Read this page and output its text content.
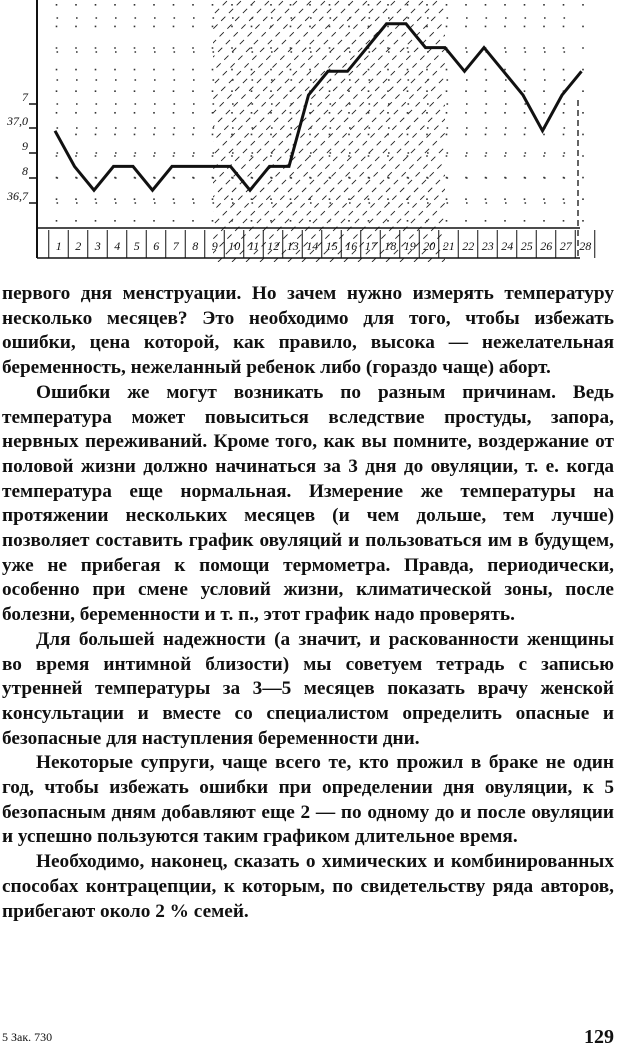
7
37,0
9
8
36,7
1 2 3 4 5 6 7 8 9 10 11 12 13 14 15 16 17 18 19 20 21 22 23 24 25 26 27 28

первого дня менструации. Но зачем нужно измерять температуру несколько месяцев? Это необходимо для того, чтобы избежать ошибки, цена которой, как правило, высока — нежелательная беременность, нежеланный ребенок либо (гораздо чаще) аборт.

Ошибки же могут возникать по разным причинам. Ведь температура может повыситься вследствие простуды, запора, нервных переживаний. Кроме того, как вы помните, воздержание от половой жизни должно начинаться за 3 дня до овуляции, т. е. когда температура еще нормальная. Измерение же температуры на протяжении нескольких месяцев (и чем дольше, тем лучше) позволяет составить график овуляций и пользоваться им в будущем, уже не прибегая к помощи термометра. Правда, периодически, особенно при смене условий жизни, климатической зоны, после болезни, беременности и т. п., этот график надо проверять.

Для большей надежности (а значит, и раскованности женщины во время интимной близости) мы советуем тетрадь с записью утренней температуры за 3—5 месяцев показать врачу женской консультации и вместе со специалистом определить опасные и безопасные для наступления беременности дни.

Некоторые супруги, чаще всего те, кто прожил в браке не один год, чтобы избежать ошибки при определении дня овуляции, к 5 безопасным дням добавляют еще 2 — по одному до и после овуляции и успешно пользуются таким графиком длительное время.

Необходимо, наконец, сказать о химических и комбинированных способах контрацепции, к которым, по свидетельству ряда авторов, прибегают около 2 % семей.

5 Зак. 730	129
